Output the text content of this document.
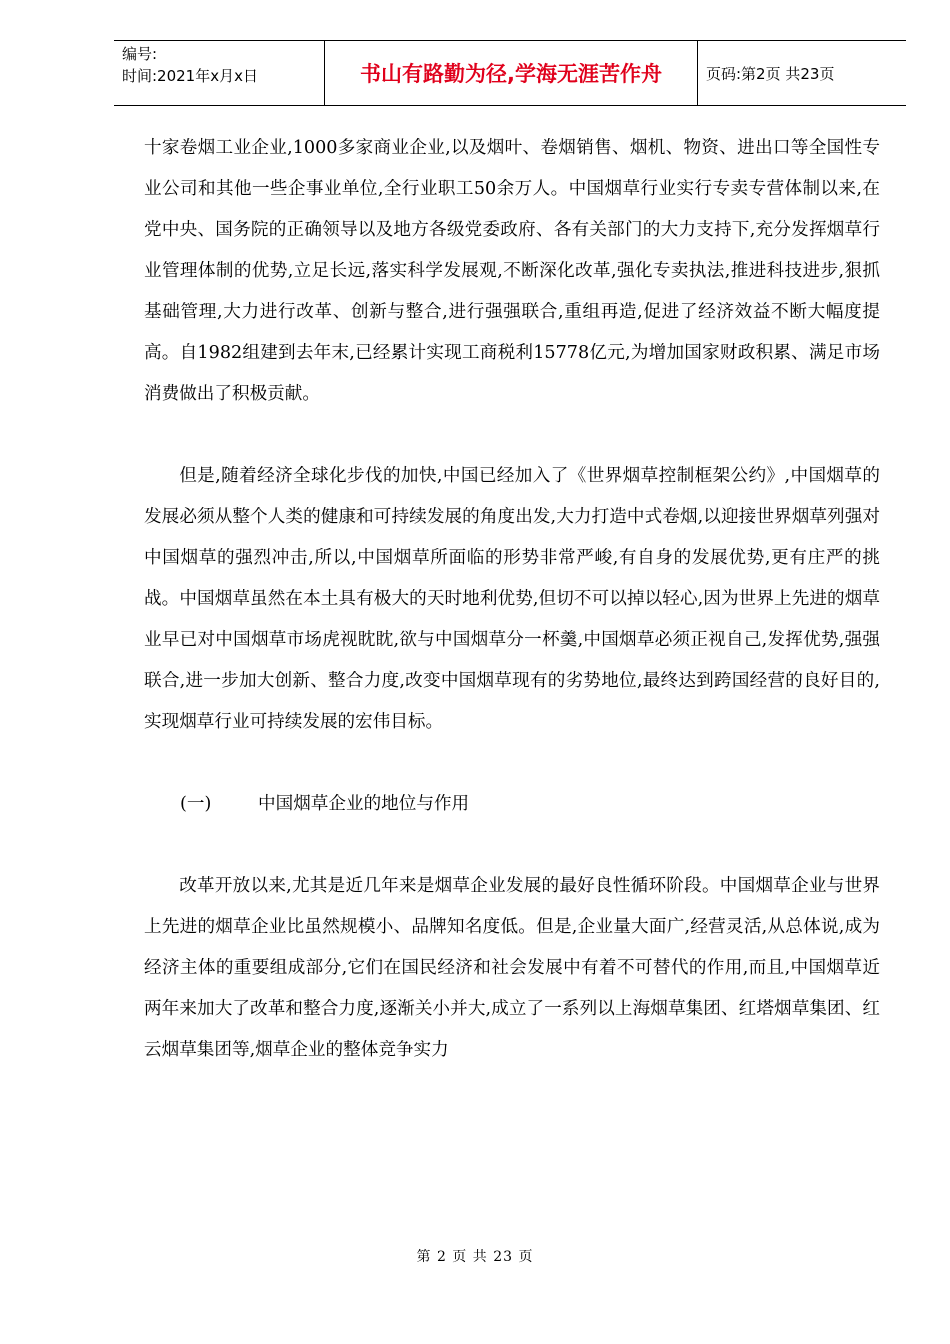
编号:
时间:2021年x月x日	书山有路勤为径,学海无涯苦作舟	页码:第2页 共23页

十家卷烟工业企业,1000多家商业企业,以及烟叶、卷烟销售、烟机、物资、进出口等全国性专业公司和其他一些企事业单位,全行业职工50余万人。中国烟草行业实行专卖专营体制以来,在党中央、国务院的正确领导以及地方各级党委政府、各有关部门的大力支持下,充分发挥烟草行业管理体制的优势,立足长远,落实科学发展观,不断深化改革,强化专卖执法,推进科技进步,狠抓基础管理,大力进行改革、创新与整合,进行强强联合,重组再造,促进了经济效益不断大幅度提高。自1982组建到去年末,已经累计实现工商税利15778亿元,为增加国家财政积累、满足市场消费做出了积极贡献。

但是,随着经济全球化步伐的加快,中国已经加入了《世界烟草控制框架公约》,中国烟草的发展必须从整个人类的健康和可持续发展的角度出发,大力打造中式卷烟,以迎接世界烟草列强对中国烟草的强烈冲击,所以,中国烟草所面临的形势非常严峻,有自身的发展优势,更有庄严的挑战。中国烟草虽然在本土具有极大的天时地利优势,但切不可以掉以轻心,因为世界上先进的烟草业早已对中国烟草市场虎视眈眈,欲与中国烟草分一杯羹,中国烟草必须正视自己,发挥优势,强强联合,进一步加大创新、整合力度,改变中国烟草现有的劣势地位,最终达到跨国经营的良好目的,实现烟草行业可持续发展的宏伟目标。

(一)	中国烟草企业的地位与作用

改革开放以来,尤其是近几年来是烟草企业发展的最好良性循环阶段。中国烟草企业与世界上先进的烟草企业比虽然规模小、品牌知名度低。但是,企业量大面广,经营灵活,从总体说,成为经济主体的重要组成部分,它们在国民经济和社会发展中有着不可替代的作用,而且,中国烟草近两年来加大了改革和整合力度,逐渐关小并大,成立了一系列以上海烟草集团、红塔烟草集团、红云烟草集团等,烟草企业的整体竞争实力

第 2 页 共 23 页
